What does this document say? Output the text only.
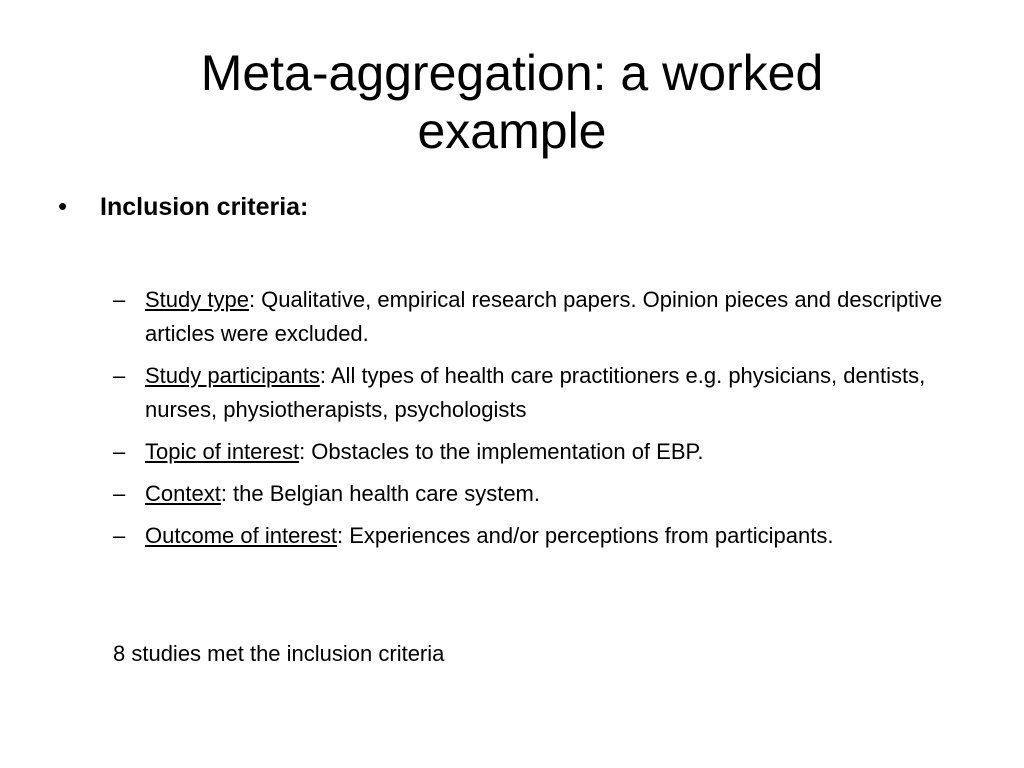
Meta-aggregation: a worked
example
•	Inclusion criteria:
– Study type: Qualitative, empirical research papers. Opinion pieces and descriptive articles were excluded.
– Study participants: All types of health care practitioners e.g. physicians, dentists, nurses, physiotherapists, psychologists
– Topic of interest: Obstacles to the implementation of EBP.
– Context: the Belgian health care system.
– Outcome of interest: Experiences and/or perceptions from participants.
8 studies met the inclusion criteria
